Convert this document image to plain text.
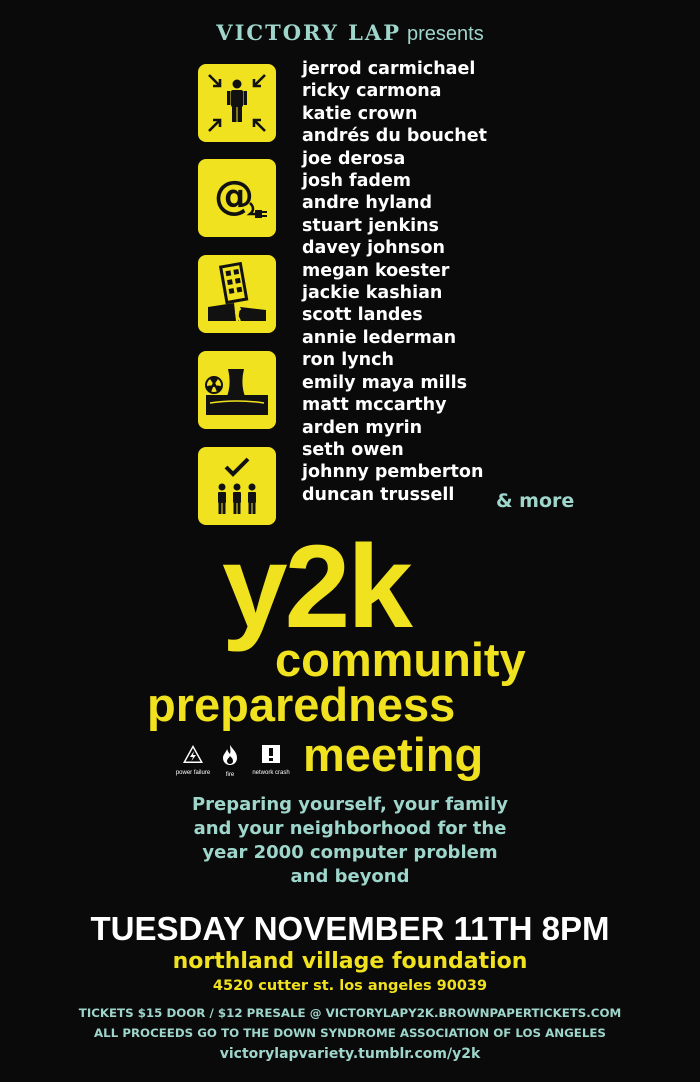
VICTORY LAP presents
@
jerrod carmichael
ricky carmona
katie crown
andrés du bouchet
joe derosa
josh fadem
andre hyland
stuart jenkins
davey johnson
megan koester
jackie kashian
scott landes
annie lederman
ron lynch
emily maya mills
matt mccarthy
arden myrin
seth owen
johnny pemberton
duncan trussell	& more
y2k
community
preparedness
meeting
power failure	fire	network crash
Preparing yourself, your family
and your neighborhood for the
year 2000 computer problem
and beyond
TUESDAY NOVEMBER 11TH 8PM
northland village foundation
4520 cutter st. los angeles 90039
TICKETS $15 DOOR / $12 PRESALE @ VICTORYLAPY2K.BROWNPAPERTICKETS.COM
ALL PROCEEDS GO TO THE DOWN SYNDROME ASSOCIATION OF LOS ANGELES
victorylapvariety.tumblr.com/y2k
